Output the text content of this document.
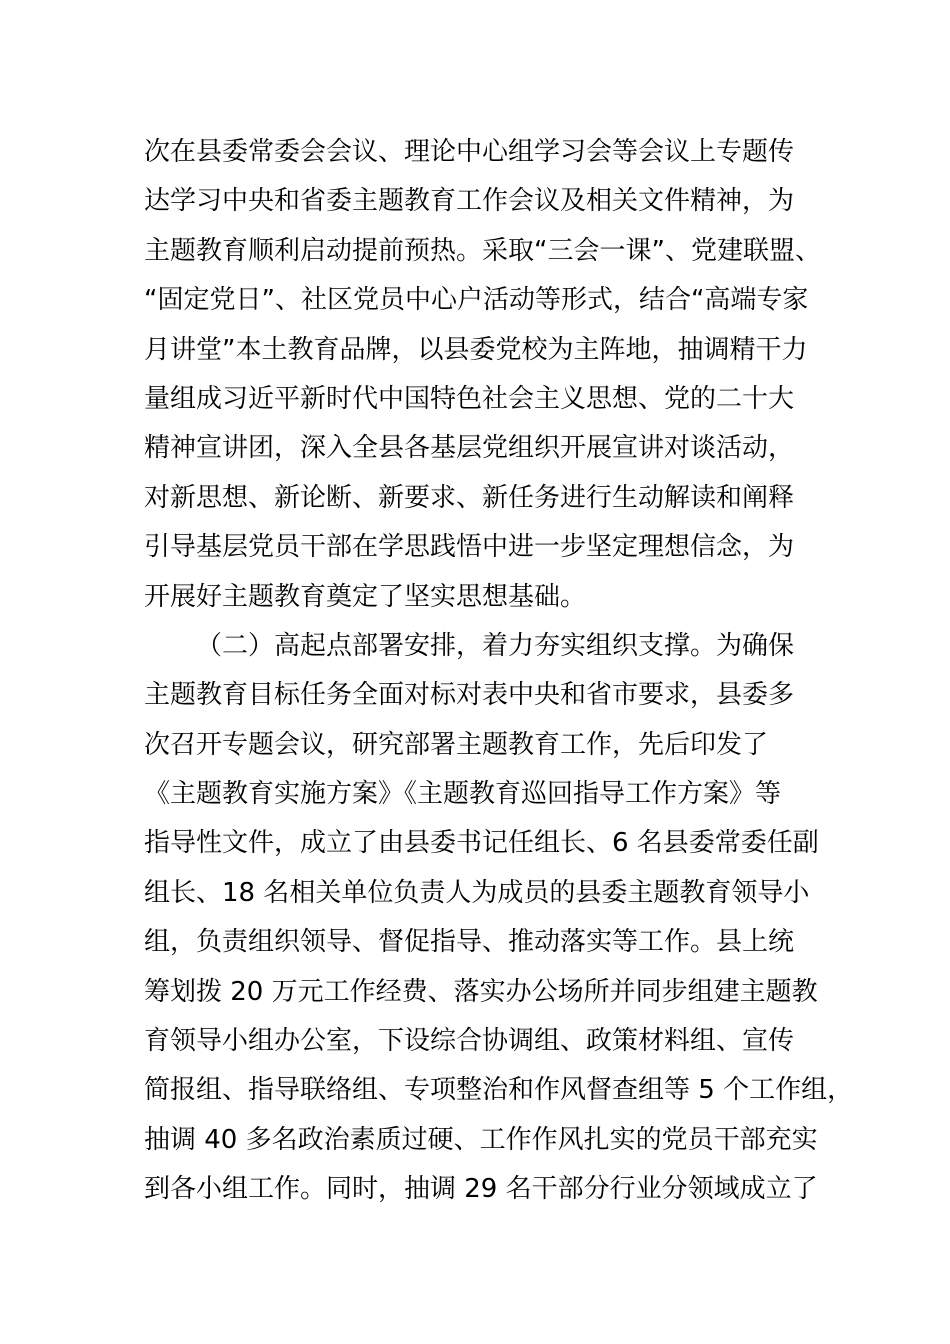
次在县委常委会会议、理论中心组学习会等会议上专题传
达学习中央和省委主题教育工作会议及相关文件精神，为
主题教育顺利启动提前预热。采取“三会一课”、党建联盟、
“固定党日”、社区党员中心户活动等形式，结合“高端专家
月讲堂”本土教育品牌，以县委党校为主阵地，抽调精干力
量组成习近平新时代中国特色社会主义思想、党的二十大
精神宣讲团，深入全县各基层党组织开展宣讲对谈活动，
对新思想、新论断、新要求、新任务进行生动解读和阐释
引导基层党员干部在学思践悟中进一步坚定理想信念，为
开展好主题教育奠定了坚实思想基础。
（二）高起点部署安排，着力夯实组织支撑。为确保
主题教育目标任务全面对标对表中央和省市要求，县委多
次召开专题会议，研究部署主题教育工作，先后印发了
《主题教育实施方案》《主题教育巡回指导工作方案》等
指导性文件，成立了由县委书记任组长、6 名县委常委任副
组长、18 名相关单位负责人为成员的县委主题教育领导小
组，负责组织领导、督促指导、推动落实等工作。县上统
筹划拨 20 万元工作经费、落实办公场所并同步组建主题教
育领导小组办公室，下设综合协调组、政策材料组、宣传
简报组、指导联络组、专项整治和作风督查组等 5 个工作组，
抽调 40 多名政治素质过硬、工作作风扎实的党员干部充实
到各小组工作。同时，抽调 29 名干部分行业分领域成立了
